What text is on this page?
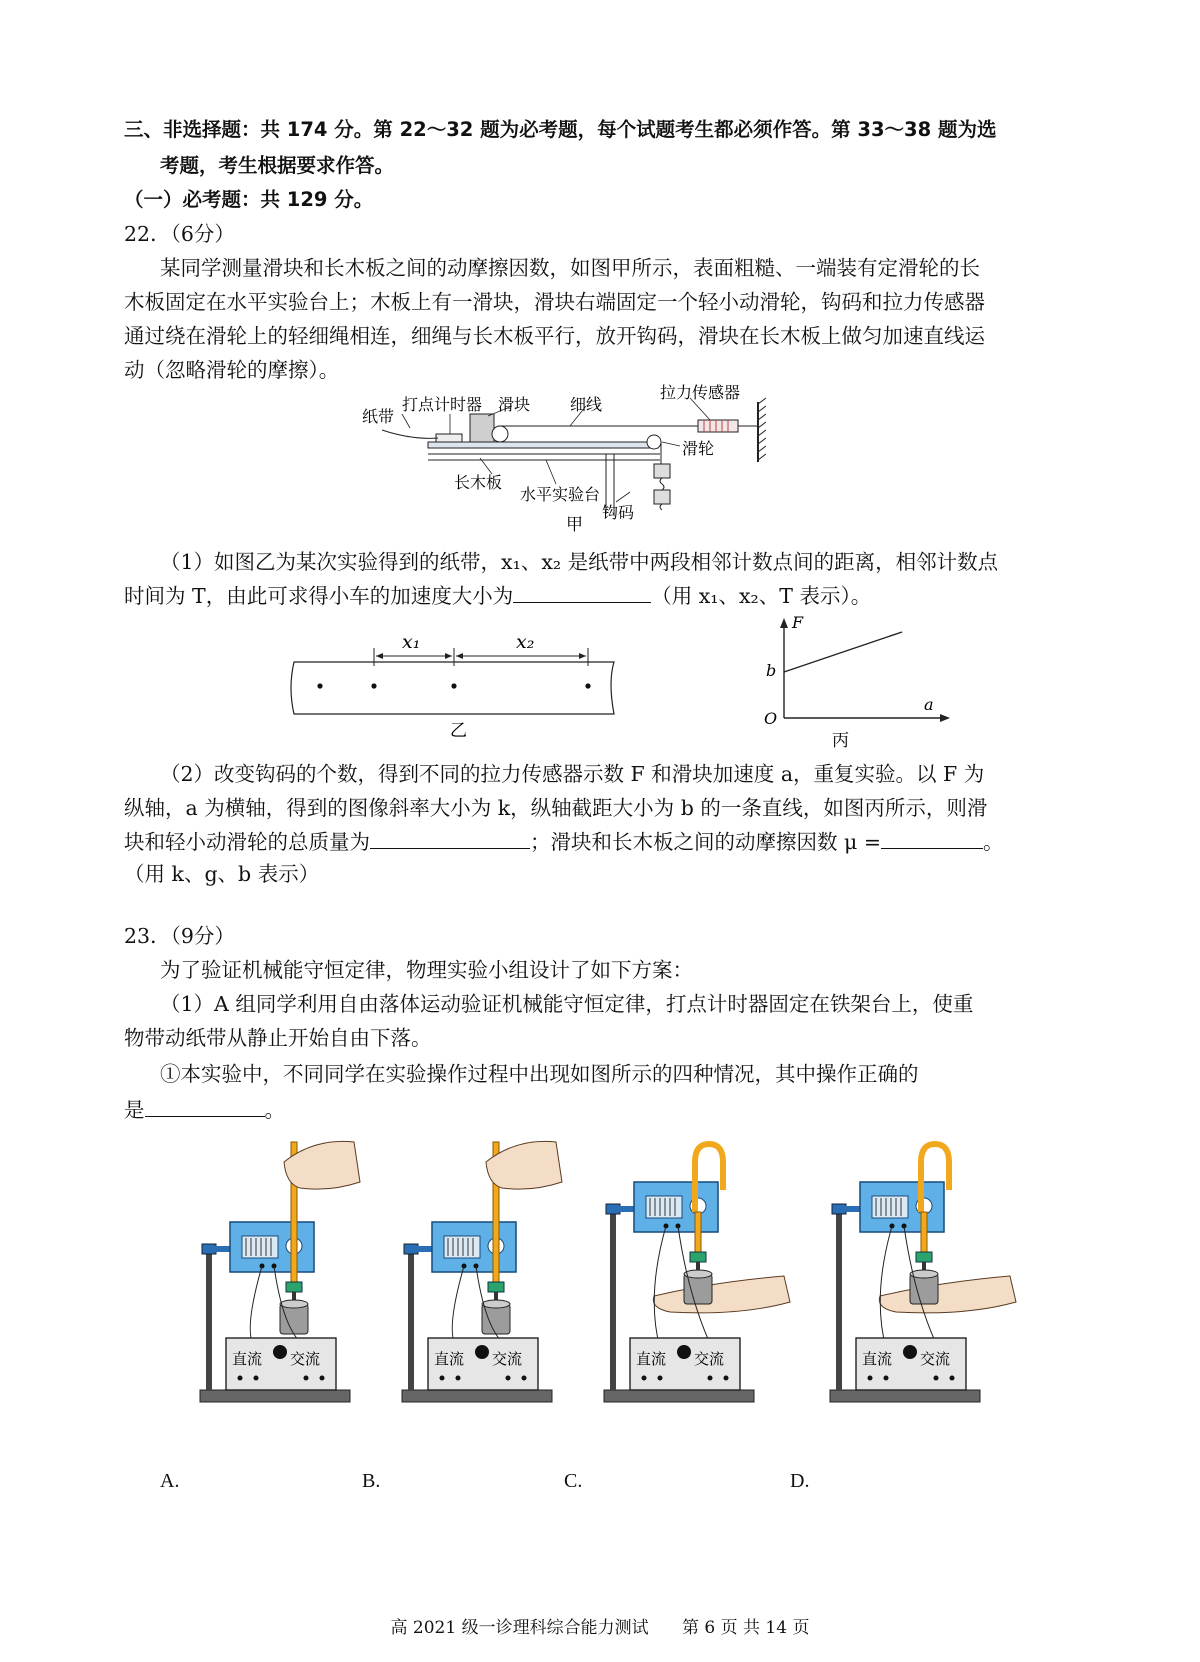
三、非选择题：共 174 分。第 22～32 题为必考题，每个试题考生都必须作答。第 33～38 题为选
考题，考生根据要求作答。
（一）必考题：共 129 分。
22．（6分）
某同学测量滑块和长木板之间的动摩擦因数，如图甲所示，表面粗糙、一端装有定滑轮的长
木板固定在水平实验台上；木板上有一滑块，滑块右端固定一个轻小动滑轮，钩码和拉力传感器
通过绕在滑轮上的轻细绳相连，细绳与长木板平行，放开钩码，滑块在长木板上做匀加速直线运
动（忽略滑轮的摩擦）。
纸带
打点计时器 滑块 细线
拉力传感器
滑轮
长木板
水平实验台
钩码
甲
（1）如图乙为某次实验得到的纸带，x₁、x₂ 是纸带中两段相邻计数点间的距离，相邻计数点
时间为 T，由此可求得小车的加速度大小为	（用 x₁、x₂、T 表示）。
x₁	x₂
乙
F
a
b
O
丙
（2）改变钩码的个数，得到不同的拉力传感器示数 F 和滑块加速度 a，重复实验。以 F 为
纵轴，a 为横轴，得到的图像斜率大小为 k，纵轴截距大小为 b 的一条直线，如图丙所示，则滑
块和轻小动滑轮的总质量为	；滑块和长木板之间的动摩擦因数 μ =	。
（用 k、g、b 表示）
23．（9分）
为了验证机械能守恒定律，物理实验小组设计了如下方案：
（1）A 组同学利用自由落体运动验证机械能守恒定律，打点计时器固定在铁架台上，使重
物带动纸带从静止开始自由下落。
①本实验中，不同同学在实验操作过程中出现如图所示的四种情况，其中操作正确的
是	。
直流 交流
A.
直流 交流
B.
直流 交流
C.
直流 交流
D.
高 2021 级一诊理科综合能力测试 第 6 页 共 14 页
